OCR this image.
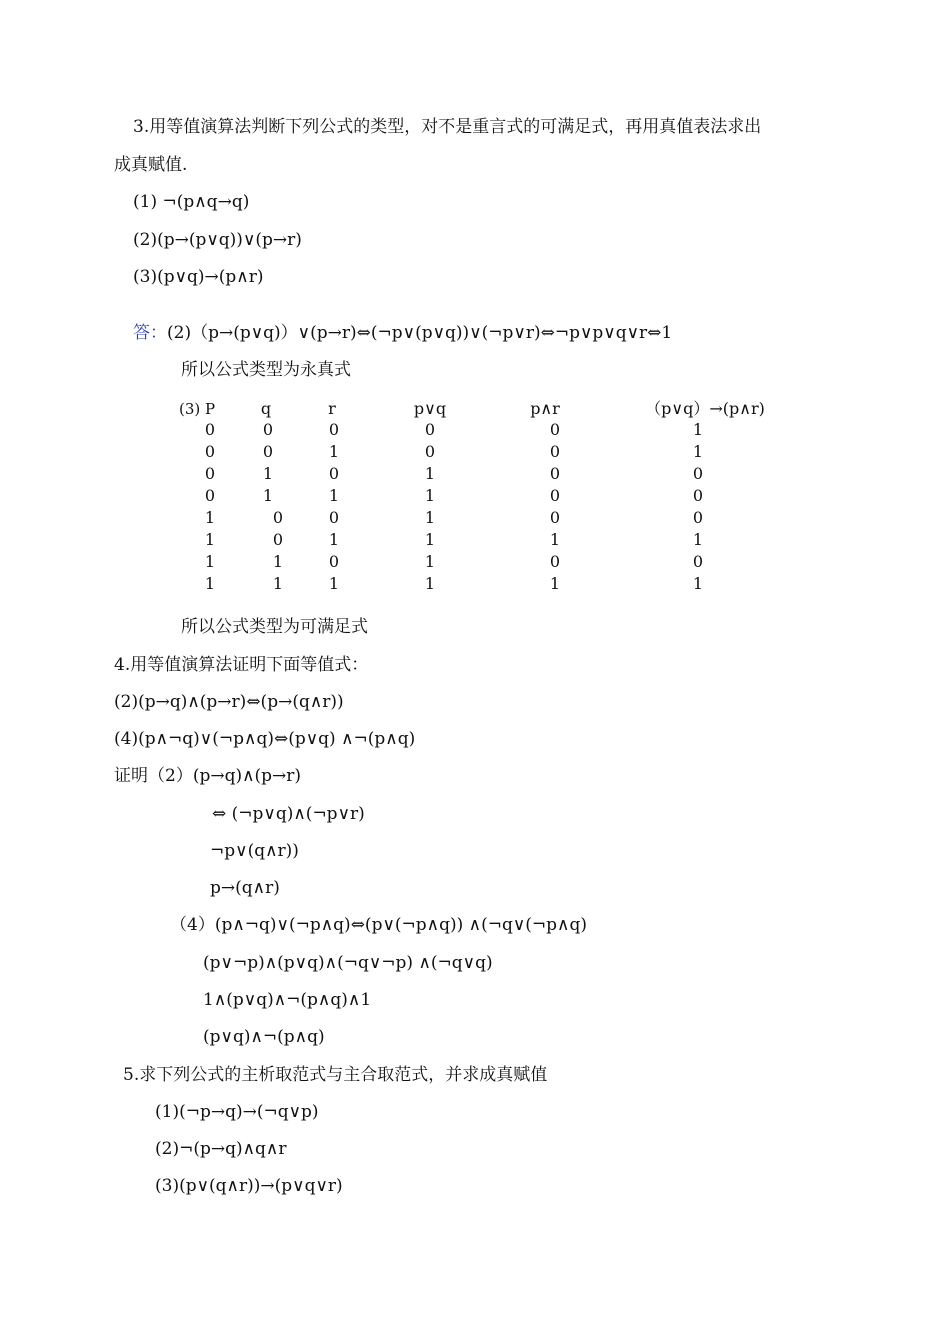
3.用等值演算法判断下列公式的类型，对不是重言式的可满足式，再用真值表法求出
成真赋值.
(1) ¬(p∧q→q)
(2)(p→(p∨q))∨(p→r)
(3)(p∨q)→(p∧r)
答：(2)（p→(p∨q)）∨(p→r)⇔(¬p∨(p∨q))∨(¬p∨r)⇔¬p∨p∨q∨r⇔1
所以公式类型为永真式
(3) P	q	r	p∨q	p∧r	（p∨q）→(p∧r)
0	0	0	0	0	1
0	0	1	0	0	1
0	1	0	1	0	0
0	1	1	1	0	0
1	0	0	1	0	0
1	0	1	1	1	1
1	1	0	1	0	0
1	1	1	1	1	1
所以公式类型为可满足式
4.用等值演算法证明下面等值式：
(2)(p→q)∧(p→r)⇔(p→(q∧r))
(4)(p∧¬q)∨(¬p∧q)⇔(p∨q) ∧¬(p∧q)
证明（2）(p→q)∧(p→r)
⇔ (¬p∨q)∧(¬p∨r)
¬p∨(q∧r))
p→(q∧r)
（4）(p∧¬q)∨(¬p∧q)⇔(p∨(¬p∧q)) ∧(¬q∨(¬p∧q)
(p∨¬p)∧(p∨q)∧(¬q∨¬p) ∧(¬q∨q)
1∧(p∨q)∧¬(p∧q)∧1
(p∨q)∧¬(p∧q)
5.求下列公式的主析取范式与主合取范式，并求成真赋值
(1)(¬p→q)→(¬q∨p)
(2)¬(p→q)∧q∧r
(3)(p∨(q∧r))→(p∨q∨r)
